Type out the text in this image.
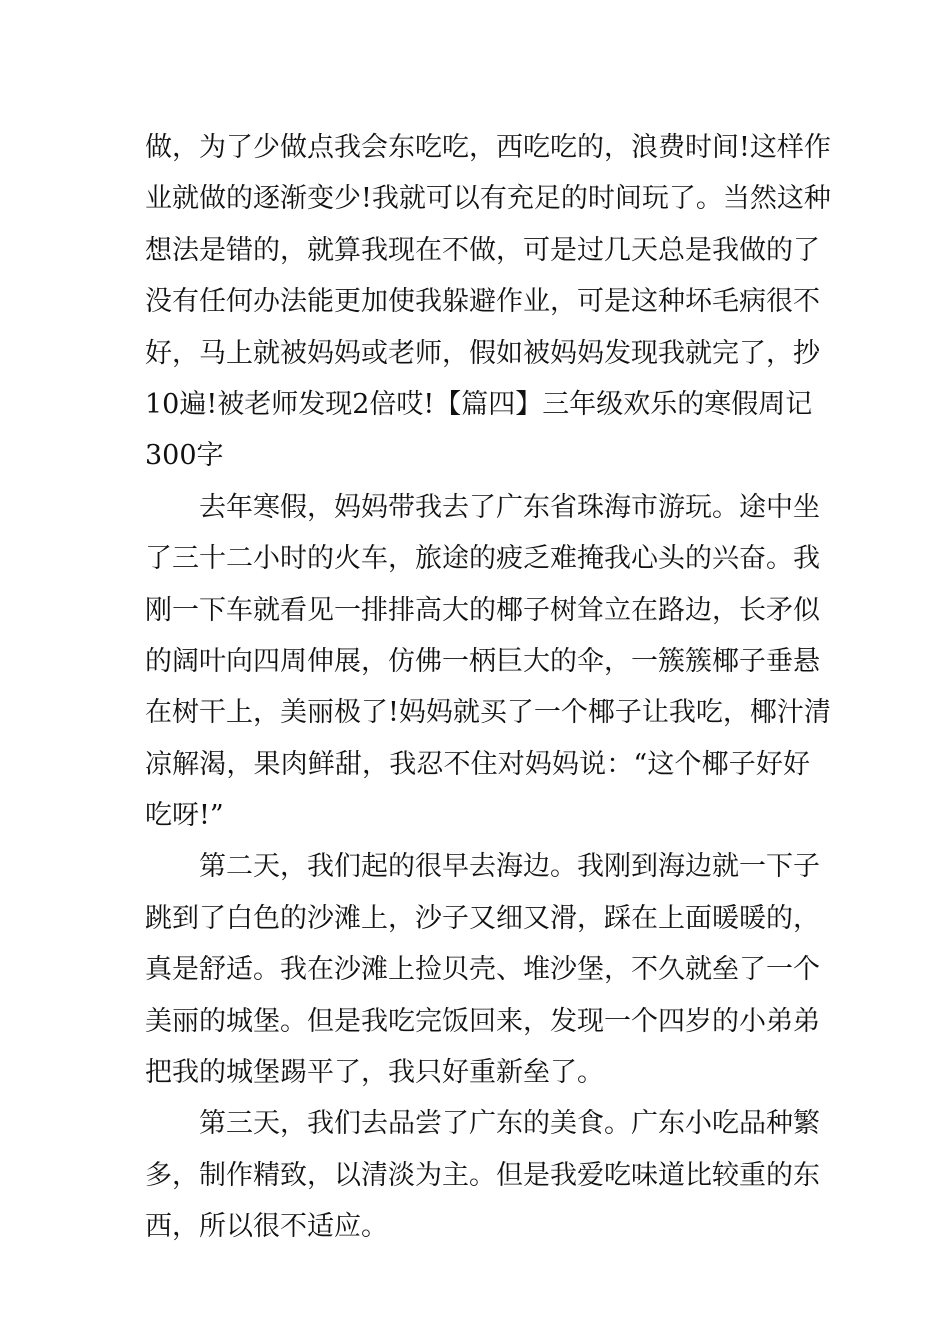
做，为了少做点我会东吃吃，西吃吃的，浪费时间!这样作
业就做的逐渐变少!我就可以有充足的时间玩了。当然这种
想法是错的，就算我现在不做，可是过几天总是我做的了
没有任何办法能更加使我躲避作业，可是这种坏毛病很不
好，马上就被妈妈或老师，假如被妈妈发现我就完了，抄
10遍!被老师发现2倍哎!【篇四】三年级欢乐的寒假周记
300字
去年寒假，妈妈带我去了广东省珠海市游玩。途中坐
了三十二小时的火车，旅途的疲乏难掩我心头的兴奋。我
刚一下车就看见一排排高大的椰子树耸立在路边，长矛似
的阔叶向四周伸展，仿佛一柄巨大的伞，一簇簇椰子垂悬
在树干上，美丽极了!妈妈就买了一个椰子让我吃，椰汁清
凉解渴，果肉鲜甜，我忍不住对妈妈说：“这个椰子好好
吃呀!”
第二天，我们起的很早去海边。我刚到海边就一下子
跳到了白色的沙滩上，沙子又细又滑，踩在上面暖暖的，
真是舒适。我在沙滩上捡贝壳、堆沙堡，不久就垒了一个
美丽的城堡。但是我吃完饭回来，发现一个四岁的小弟弟
把我的城堡踢平了，我只好重新垒了。
第三天，我们去品尝了广东的美食。广东小吃品种繁
多，制作精致，以清淡为主。但是我爱吃味道比较重的东
西，所以很不适应。
